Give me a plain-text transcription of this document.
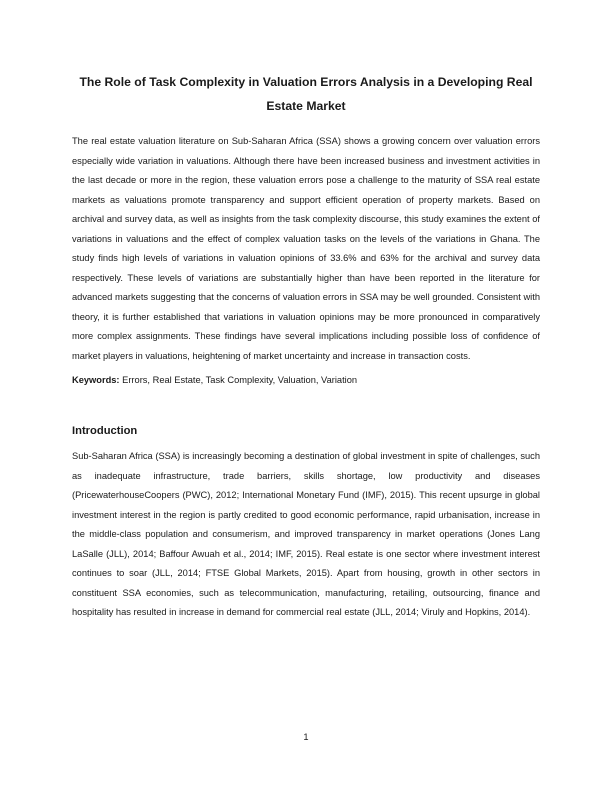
The Role of Task Complexity in Valuation Errors Analysis in a Developing Real Estate Market

The real estate valuation literature on Sub-Saharan Africa (SSA) shows a growing concern over valuation errors especially wide variation in valuations. Although there have been increased business and investment activities in the last decade or more in the region, these valuation errors pose a challenge to the maturity of SSA real estate markets as valuations promote transparency and support efficient operation of property markets. Based on archival and survey data, as well as insights from the task complexity discourse, this study examines the extent of variations in valuations and the effect of complex valuation tasks on the levels of the variations in Ghana. The study finds high levels of variations in valuation opinions of 33.6% and 63% for the archival and survey data respectively. These levels of variations are substantially higher than have been reported in the literature for advanced markets suggesting that the concerns of valuation errors in SSA may be well grounded. Consistent with theory, it is further established that variations in valuation opinions may be more pronounced in comparatively more complex assignments. These findings have several implications including possible loss of confidence of market players in valuations, heightening of market uncertainty and increase in transaction costs.

Keywords: Errors, Real Estate, Task Complexity, Valuation, Variation

Introduction

Sub-Saharan Africa (SSA) is increasingly becoming a destination of global investment in spite of challenges, such as inadequate infrastructure, trade barriers, skills shortage, low productivity and diseases (PricewaterhouseCoopers (PWC), 2012; International Monetary Fund (IMF), 2015). This recent upsurge in global investment interest in the region is partly credited to good economic performance, rapid urbanisation, increase in the middle-class population and consumerism, and improved transparency in market operations (Jones Lang LaSalle (JLL), 2014; Baffour Awuah et al., 2014; IMF, 2015). Real estate is one sector where investment interest continues to soar (JLL, 2014; FTSE Global Markets, 2015). Apart from housing, growth in other sectors in constituent SSA economies, such as telecommunication, manufacturing, retailing, outsourcing, finance and hospitality has resulted in increase in demand for commercial real estate (JLL, 2014; Viruly and Hopkins, 2014).

1
